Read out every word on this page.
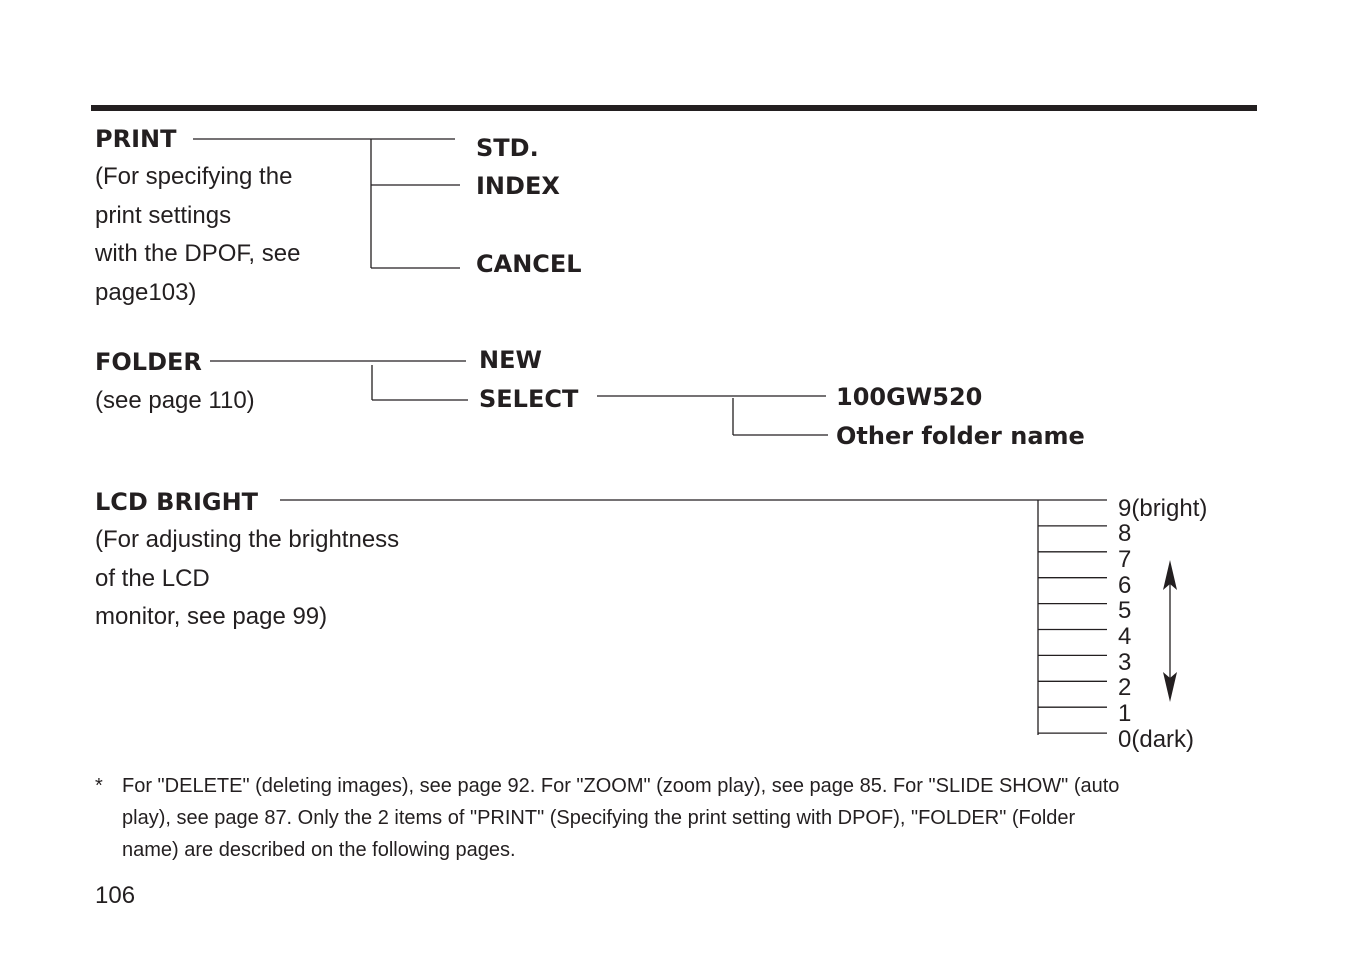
PRINT
(For specifying the
print settings
with the DPOF, see
page103)
STD.
INDEX
CANCEL
FOLDER
(see page 110)
NEW
SELECT	100GW520
Other folder name
LCD BRIGHT
(For adjusting the brightness
of the LCD
monitor, see page 99)
9(bright)
8
7
6
5
4
3
2
1
0(dark)
* For "DELETE" (deleting images), see page 92. For "ZOOM" (zoom play), see page 85. For "SLIDE SHOW" (auto
play), see page 87. Only the 2 items of "PRINT" (Specifying the print setting with DPOF), "FOLDER" (Folder
name) are described on the following pages.
106
